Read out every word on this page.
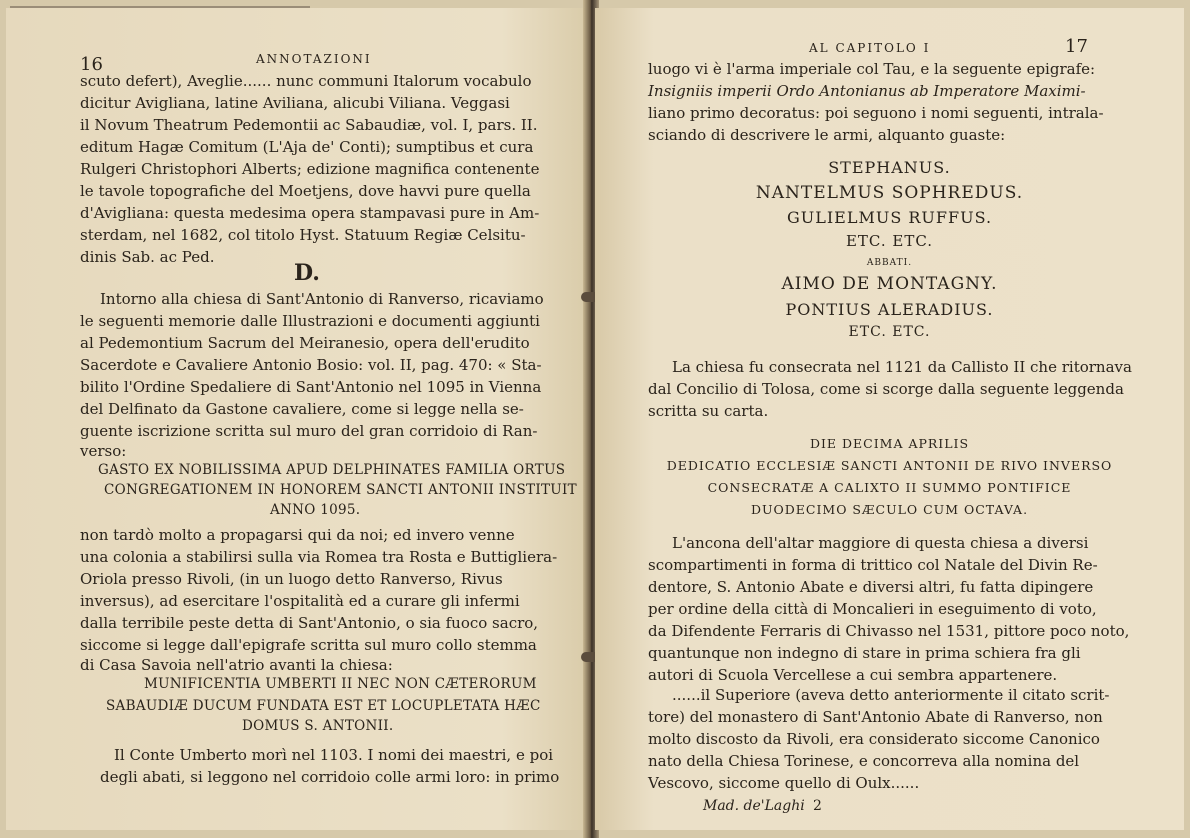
16	ANNOTAZIONI
scuto defert), Aveglie...... nunc communi Italorum vocabulo
dicitur Avigliana, latine Aviliana, alicubi Viliana. Veggasi
il Novum Theatrum Pedemontii ac Sabaudiæ, vol. I, pars. II.
editum Hagæ Comitum (L'Aja de' Conti); sumptibus et cura
Rulgeri Christophori Alberts; edizione magnifica contenente
le tavole topografiche del Moetjens, dove havvi pure quella
d'Avigliana: questa medesima opera stampavasi pure in Am-
sterdam, nel 1682, col titolo Hyst. Statuum Regiæ Celsitu-
dinis Sab. ac Ped.
D.
Intorno alla chiesa di Sant'Antonio di Ranverso, ricaviamo
le seguenti memorie dalle Illustrazioni e documenti aggiunti
al Pedemontium Sacrum del Meiranesio, opera dell'erudito
Sacerdote e Cavaliere Antonio Bosio: vol. II, pag. 470: « Sta-
bilito l'Ordine Spedaliere di Sant'Antonio nel 1095 in Vienna
del Delfinato da Gastone cavaliere, come si legge nella se-
guente iscrizione scritta sul muro del gran corridoio di Ran-
verso:
GASTO EX NOBILISSIMA APUD DELPHINATES FAMILIA ORTUS
CONGREGATIONEM IN HONOREM SANCTI ANTONII INSTITUIT
ANNO 1095.
non tardò molto a propagarsi qui da noi; ed invero venne
una colonia a stabilirsi sulla via Romea tra Rosta e Buttigliera-
Oriola presso Rivoli, (in un luogo detto Ranverso, Rivus
inversus), ad esercitare l'ospitalità ed a curare gli infermi
dalla terribile peste detta di Sant'Antonio, o sia fuoco sacro,
siccome si legge dall'epigrafe scritta sul muro collo stemma
di Casa Savoia nell'atrio avanti la chiesa:
MUNIFICENTIA UMBERTI II NEC NON CÆTERORUM
SABAUDIÆ DUCUM FUNDATA EST ET LOCUPLETATA HÆC
DOMUS S. ANTONII.
Il Conte Umberto morì nel 1103. I nomi dei maestri, e poi
degli abati, si leggono nel corridoio colle armi loro: in primo
AL CAPITOLO I	17
luogo vi è l'arma imperiale col Tau, e la seguente epigrafe:
Insigniis imperii Ordo Antonianus ab Imperatore Maximi-
liano primo decoratus: poi seguono i nomi seguenti, intrala-
sciando di descrivere le armi, alquanto guaste:
STEPHANUS.
NANTELMUS SOPHREDUS.
GULIELMUS RUFFUS.
ETC. ETC.
ABBATI.
AIMO DE MONTAGNY.
PONTIUS ALERADIUS.
ETC. ETC.
La chiesa fu consecrata nel 1121 da Callisto II che ritornava
dal Concilio di Tolosa, come si scorge dalla seguente leggenda
scritta su carta.
DIE DECIMA APRILIS
DEDICATIO ECCLESIÆ SANCTI ANTONII DE RIVO INVERSO
CONSECRATÆ A CALIXTO II SUMMO PONTIFICE
DUODECIMO SÆCULO CUM OCTAVA.
L'ancona dell'altar maggiore di questa chiesa a diversi
scompartimenti in forma di trittico col Natale del Divin Re-
dentore, S. Antonio Abate e diversi altri, fu fatta dipingere
per ordine della città di Moncalieri in eseguimento di voto,
da Difendente Ferraris di Chivasso nel 1531, pittore poco noto,
quantunque non indegno di stare in prima schiera fra gli
autori di Scuola Vercellese a cui sembra appartenere.
......il Superiore (aveva detto anteriormente il citato scrit-
tore) del monastero di Sant'Antonio Abate di Ranverso, non
molto discosto da Rivoli, era considerato siccome Canonico
nato della Chiesa Torinese, e concorreva alla nomina del
Vescovo, siccome quello di Oulx......
Mad. de'Laghi 2
